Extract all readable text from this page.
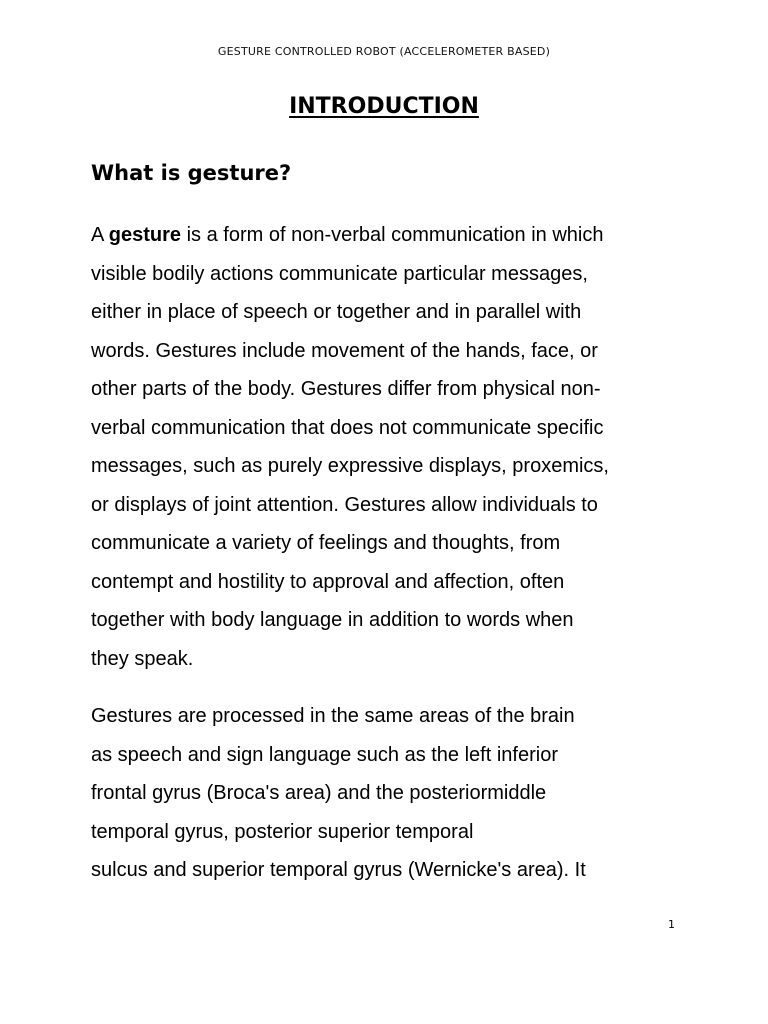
GESTURE CONTROLLED ROBOT (ACCELEROMETER BASED)
INTRODUCTION
What is gesture?
A gesture is a form of non-verbal communication in which
visible bodily actions communicate particular messages,
either in place of speech or together and in parallel with
words. Gestures include movement of the hands, face, or
other parts of the body. Gestures differ from physical non-
verbal communication that does not communicate specific
messages, such as purely expressive displays, proxemics,
or displays of joint attention. Gestures allow individuals to
communicate a variety of feelings and thoughts, from
contempt and hostility to approval and affection, often
together with body language in addition to words when
they speak.
Gestures are processed in the same areas of the brain
as speech and sign language such as the left inferior
frontal gyrus (Broca's area) and the posteriormiddle
temporal gyrus, posterior superior temporal
sulcus and superior temporal gyrus (Wernicke's area). It
1
